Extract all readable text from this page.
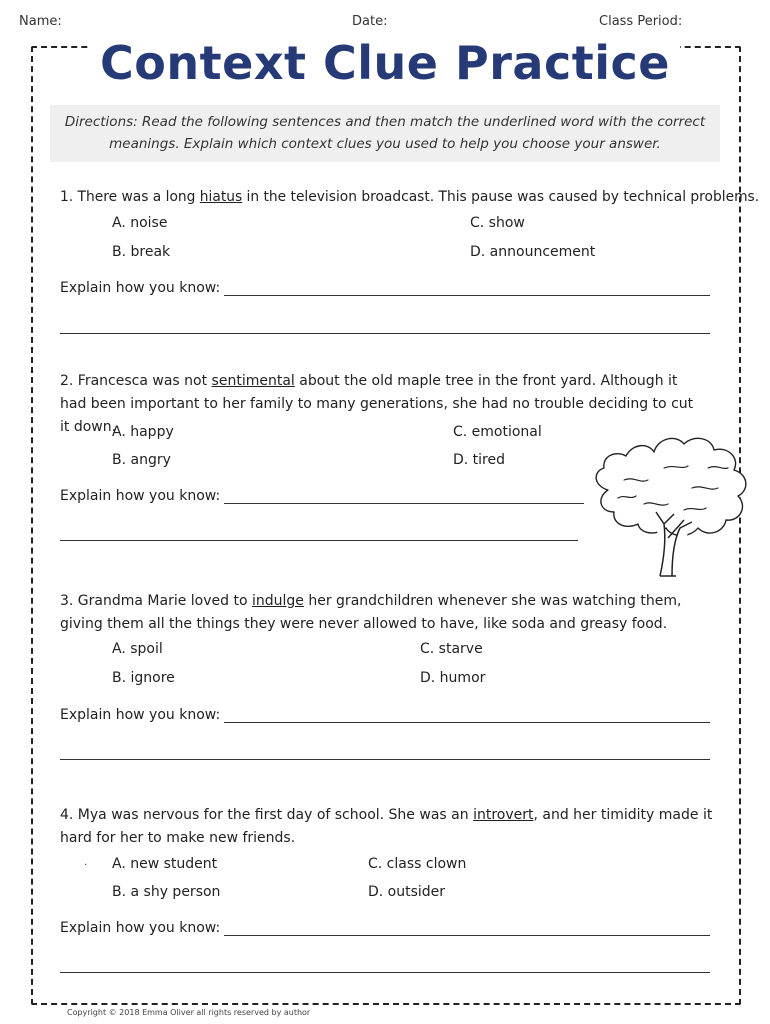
Name:	Date:	Class Period:
Context Clue Practice
Directions: Read the following sentences and then match the underlined word with the correct
meanings. Explain which context clues you used to help you choose your answer.
1. There was a long hiatus in the television broadcast. This pause was caused by technical problems.
A. noise
B. break
C. show
D. announcement
Explain how you know:
2. Francesca was not sentimental about the old maple tree in the front yard. Although it had been important to her family to many generations, she had no trouble deciding to cut it down.
A. happy
B. angry
C. emotional
D. tired
Explain how you know:
3. Grandma Marie loved to indulge her grandchildren whenever she was watching them, giving them all the things they were never allowed to have, like soda and greasy food.
A. spoil
B. ignore
C. starve
D. humor
Explain how you know:
4. Mya was nervous for the first day of school. She was an introvert, and her timidity made it hard for her to make new friends.
· A. new student
B. a shy person
C. class clown
D. outsider
Explain how you know:
Copyright © 2018 Emma Oliver all rights reserved by author
